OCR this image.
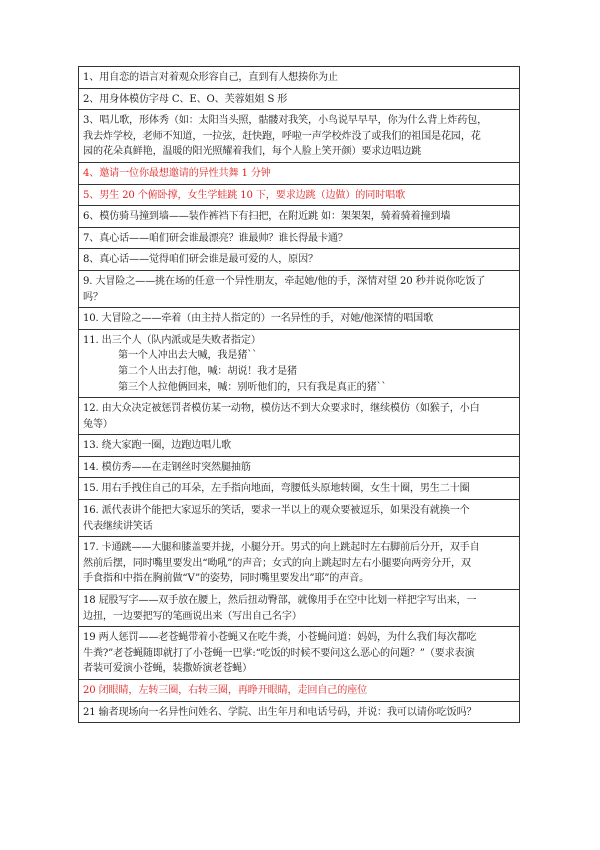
1、用自恋的语言对着观众形容自己，直到有人想揍你为止
2、用身体模仿字母 C、E、O、芙蓉姐姐 S 形
3、唱儿歌，形体秀（如：太阳当头照，骷髅对我笑，小鸟说早早早，你为什么背上炸药包，
我去炸学校，老师不知道，一拉弦，赶快跑，呼啦一声学校炸没了或我们的祖国是花园，花
园的花朵真鲜艳，温暖的阳光照耀着我们，每个人脸上笑开颜）要求边唱边跳
4、邀请一位你最想邀请的异性共舞 1 分钟
5、男生 20 个俯卧撑，女生学蛙跳 10 下，要求边跳（边做）的同时唱歌
6、模仿骑马撞到墙——装作裤裆下有扫把，在附近跳 如：架架架，骑着骑着撞到墙
7、真心话——咱们研会谁最漂亮？谁最帅？谁长得最卡通？
8、真心话——觉得咱们研会谁是最可爱的人，原因？
9. 大冒险之——挑在场的任意一个异性朋友，牵起她/他的手，深情对望 20 秒并说你吃饭了
吗？
10. 大冒险之——牵着（由主持人指定的）一名异性的手，对她/他深情的唱国歌
11. 出三个人（队内派或是失败者指定）
第一个人冲出去大喊，我是猪``
第二个人出去打他，喊：胡说！我才是猪
第三个人拉他俩回来，喊：别听他们的，只有我是真正的猪``
12. 由大众决定被惩罚者模仿某一动物，模仿达不到大众要求时，继续模仿（如猴子，小白
兔等）
13. 绕大家跑一圈，边跑边唱儿歌
14. 模仿秀——在走钢丝时突然腿抽筋
15. 用右手拽住自己的耳朵，左手指向地面，弯腰低头原地转圈，女生十圈，男生二十圈
16. 派代表讲个能把大家逗乐的笑话，要求一半以上的观众要被逗乐，如果没有就换一个
代表继续讲笑话
17. 卡通跳——大腿和膝盖要并拢，小腿分开。男式的向上跳起时左右脚前后分开，双手自
然前后摆，同时嘴里要发出“呦吼”的声音；女式的向上跳起时左右小腿要向两旁分开，双
手食指和中指在胸前做“V”的姿势，同时嘴里要发出”耶”的声音。
18 屁股写字——双手放在腰上，然后扭动臀部，就像用手在空中比划一样把字写出来，一
边扭，一边要把写的笔画说出来（写出自己名字）
19 两人惩罚——老苍蝇带着小苍蝇又在吃牛粪，小苍蝇问道：妈妈，为什么我们每次都吃
牛粪?”老苍蝇随即就打了小苍蝇一巴掌:“吃饭的时候不要问这么恶心的问题？”（要求表演
者装可爱演小苍蝇，装撒娇演老苍蝇）
20 闭眼睛，左转三圈，右转三圈，再睁开眼睛，走回自己的座位
21 输者现场向一名异性问姓名、学院、出生年月和电话号码，并说：我可以请你吃饭吗？
